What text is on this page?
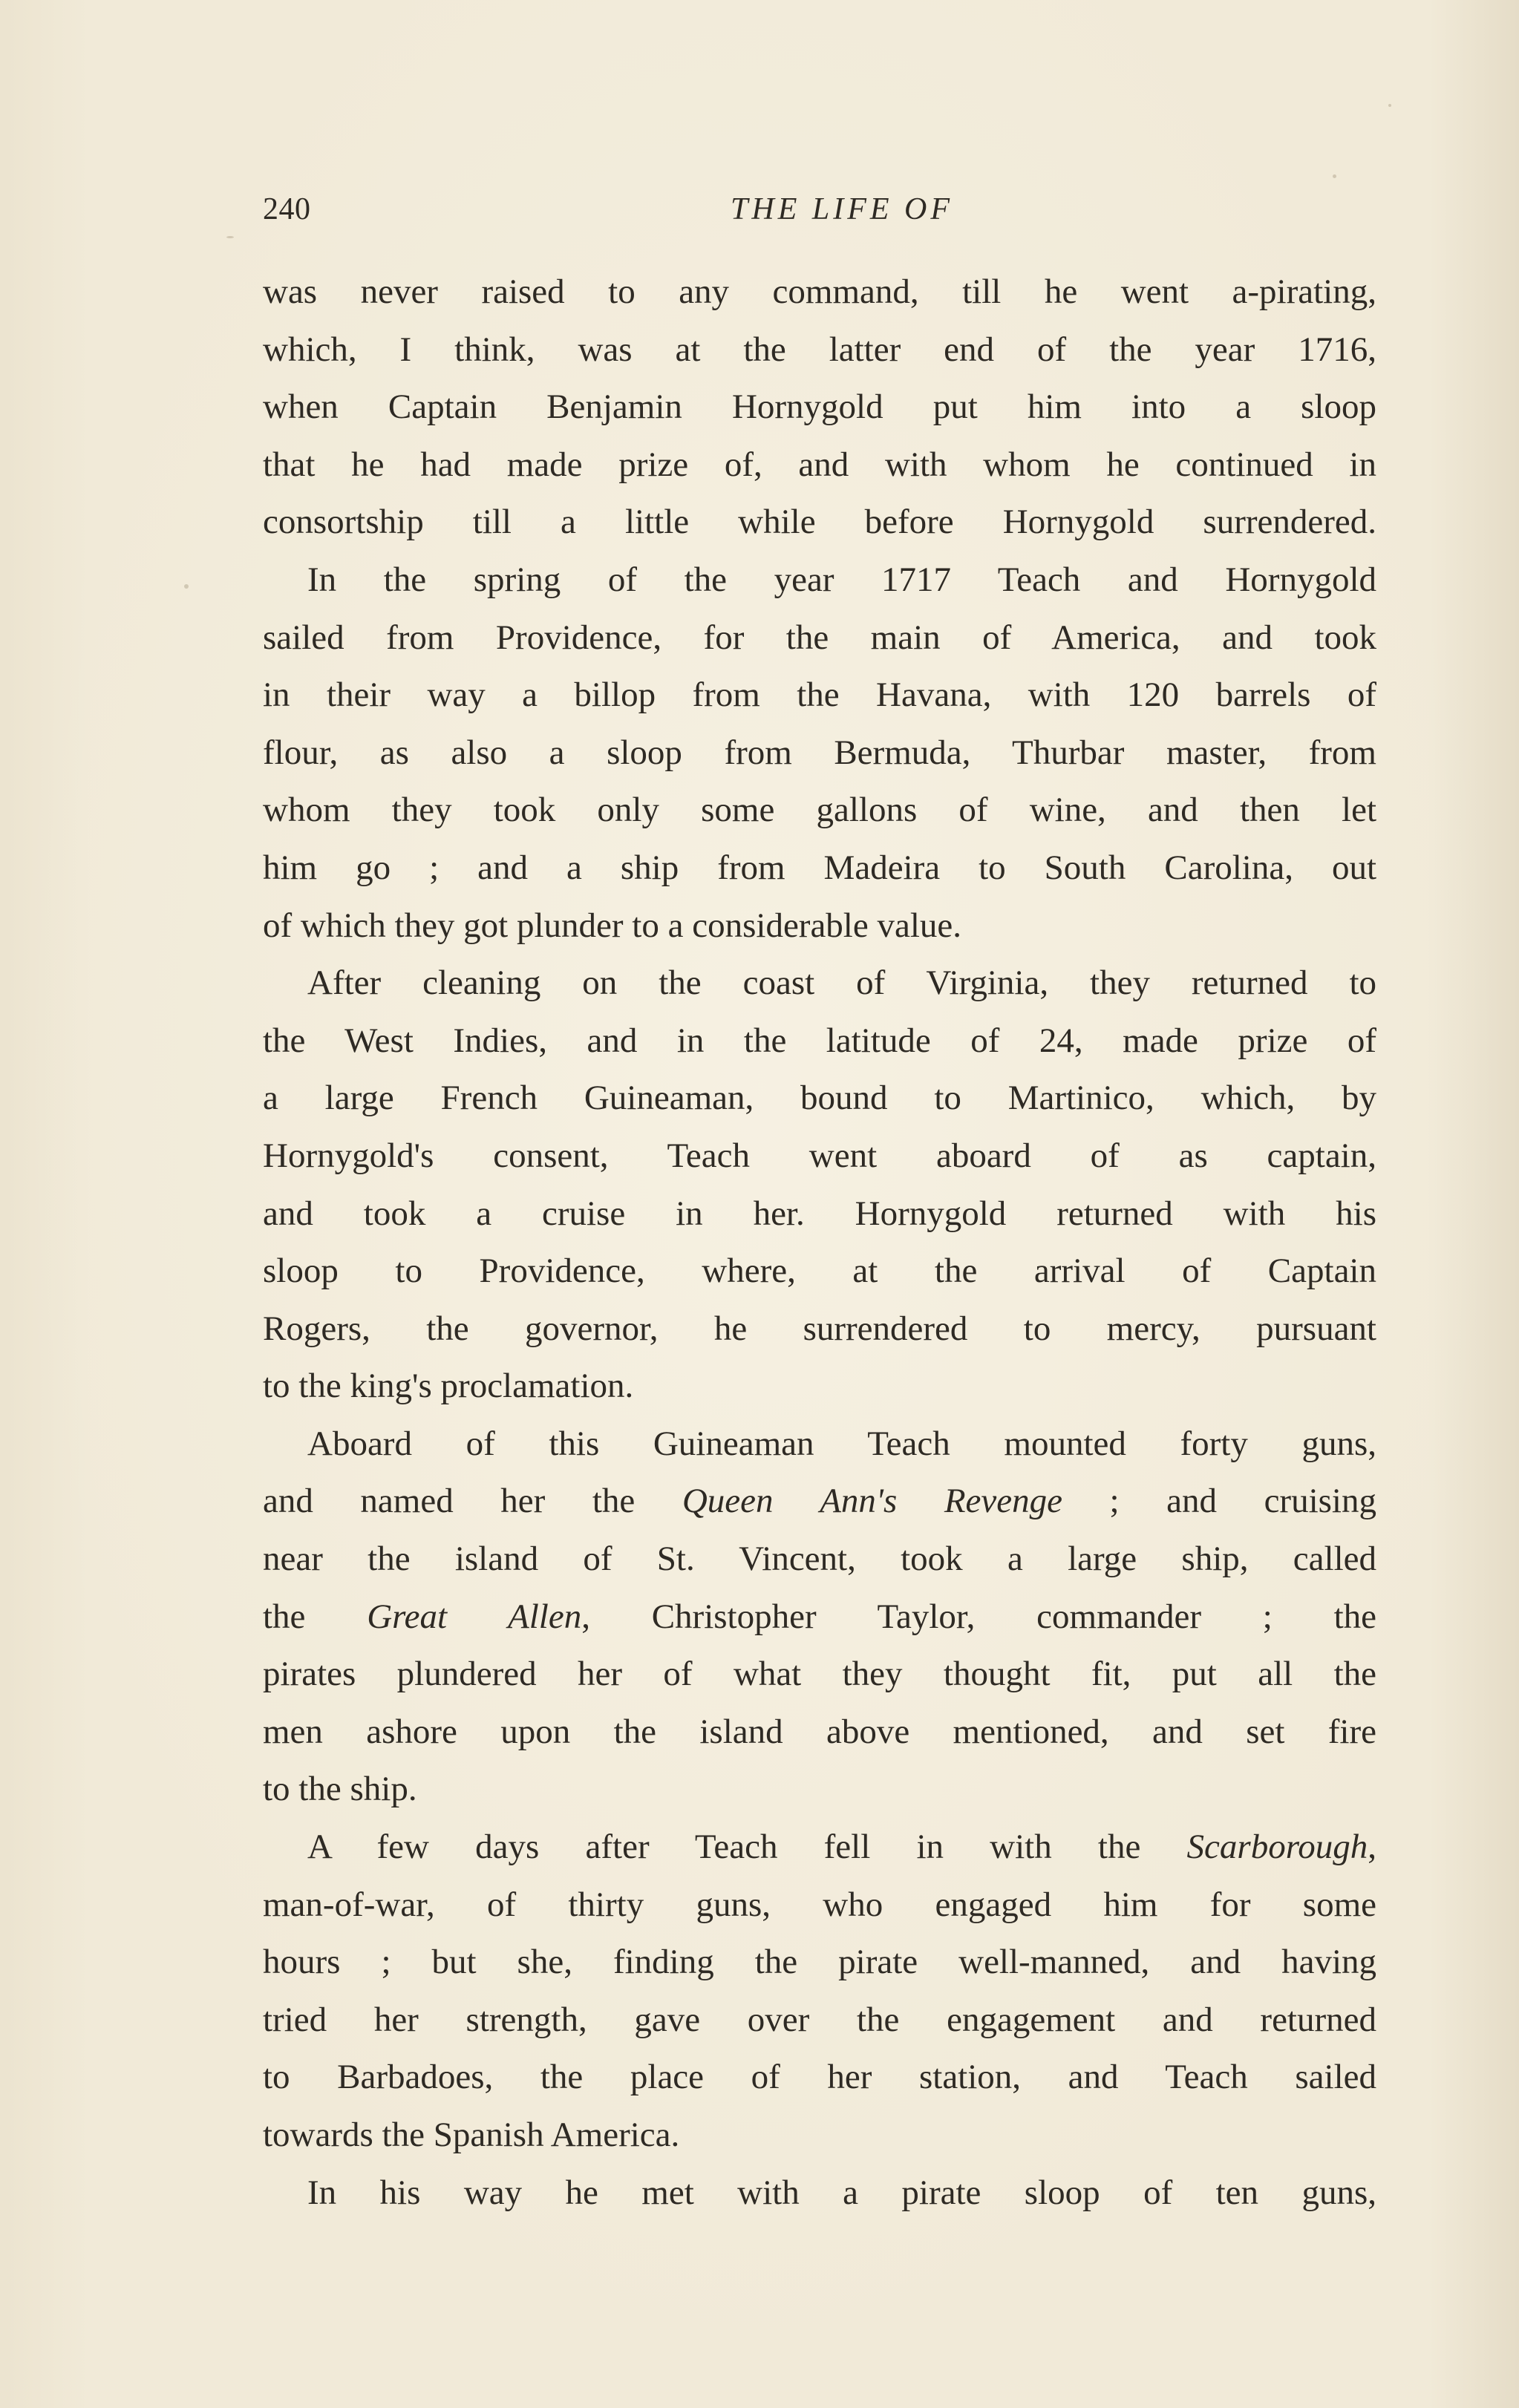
240	THE LIFE OF
was never raised to any command, till he went a-pirating,
which, I think, was at the latter end of the year 1716,
when Captain Benjamin Hornygold put him into a sloop
that he had made prize of, and with whom he continued in
consortship till a little while before Hornygold surrendered.
In the spring of the year 1717 Teach and Hornygold
sailed from Providence, for the main of America, and took
in their way a billop from the Havana, with 120 barrels of
flour, as also a sloop from Bermuda, Thurbar master, from
whom they took only some gallons of wine, and then let
him go ; and a ship from Madeira to South Carolina, out
of which they got plunder to a considerable value.
After cleaning on the coast of Virginia, they returned to
the West Indies, and in the latitude of 24, made prize of
a large French Guineaman, bound to Martinico, which, by
Hornygold's consent, Teach went aboard of as captain,
and took a cruise in her. Hornygold returned with his
sloop to Providence, where, at the arrival of Captain
Rogers, the governor, he surrendered to mercy, pursuant
to the king's proclamation.
Aboard of this Guineaman Teach mounted forty guns,
and named her the Queen Ann's Revenge ; and cruising
near the island of St. Vincent, took a large ship, called
the Great Allen, Christopher Taylor, commander ; the
pirates plundered her of what they thought fit, put all the
men ashore upon the island above mentioned, and set fire
to the ship.
A few days after Teach fell in with the Scarborough,
man-of-war, of thirty guns, who engaged him for some
hours ; but she, finding the pirate well-manned, and having
tried her strength, gave over the engagement and returned
to Barbadoes, the place of her station, and Teach sailed
towards the Spanish America.
In his way he met with a pirate sloop of ten guns,
